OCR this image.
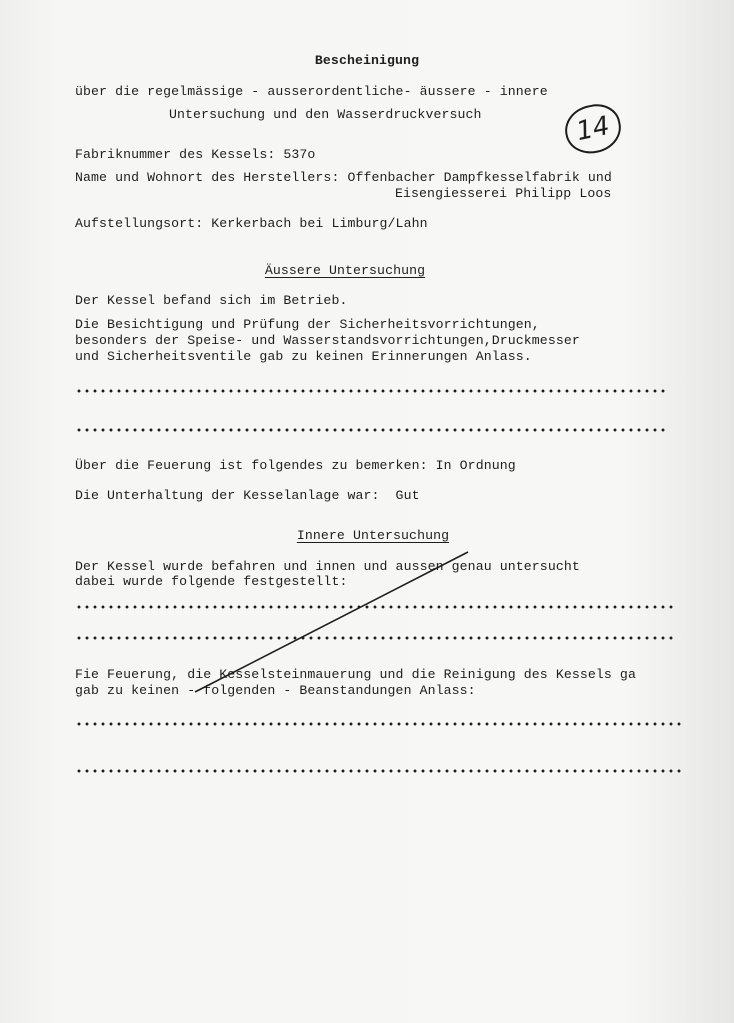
Bescheinigung
über die regelmässige - ausserordentliche- äussere - innere
Untersuchung und den Wasserdruckversuch	14
Fabriknummer des Kessels: 537o
Name und Wohnort des Herstellers: Offenbacher Dampfkesselfabrik und
Eisengiesserei Philipp Loos
Aufstellungsort: Kerkerbach bei Limburg/Lahn
Äussere Untersuchung
Der Kessel befand sich im Betrieb.
Die Besichtigung und Prüfung der Sicherheitsvorrichtungen,
besonders der Speise- und Wasserstandsvorrichtungen,Druckmesser
und Sicherheitsventile gab zu keinen Erinnerungen Anlass.
Über die Feuerung ist folgendes zu bemerken: In Ordnung
Die Unterhaltung der Kesselanlage war:  Gut
Innere Untersuchung
Der Kessel wurde befahren und innen und aussen genau untersucht
dabei wurde folgende festgestellt:
Fie Feuerung, die Kesselsteinmauerung und die Reinigung des Kessels ga
gab zu keinen - folgenden - Beanstandungen Anlass:
